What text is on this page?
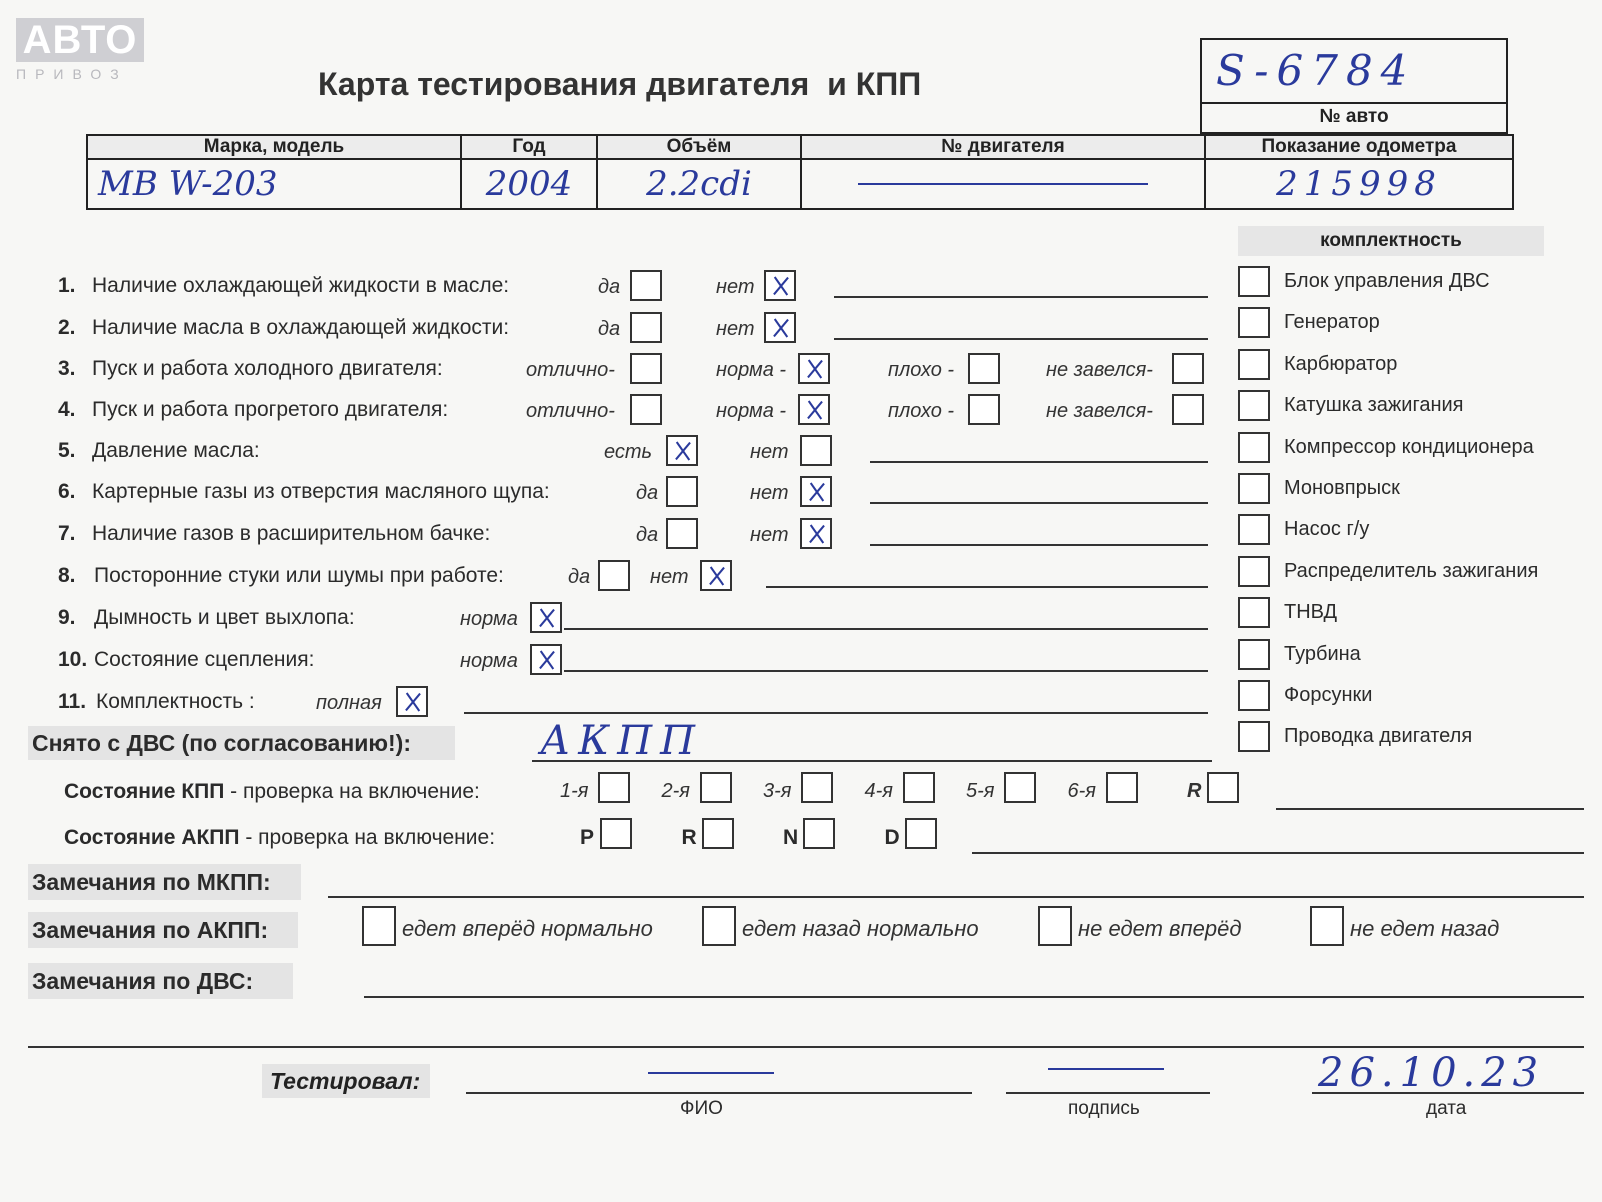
АВТО
ПРИВОЗ	Карта тестирования двигателя  и КПП	S-6784
№ авто
Марка, модель	Год	Объём	№ двигателя	Показание одометра
MB W-203	2004	2.2cdi		215998
комплектность
1. Наличие охлаждающей жидкости в масле:	да	нет
2. Наличие масла в охлаждающей жидкости:	да	нет
3. Пуск и работа холодного двигателя:	отлично-	норма -	плохо -	не завелся-
4. Пуск и работа прогретого двигателя:	отлично-	норма -	плохо -	не завелся-
5. Давление масла:	есть	нет
6. Картерные газы из отверстия масляного щупа:	да	нет
7. Наличие газов в расширительном бачке:	да	нет
8. Посторонние стуки или шумы при работе:	да	нет
9. Дымность и цвет выхлопа:	норма
10. Состояние сцепления:	норма
11. Комплектность :	полная
Блок управления ДВС
Генератор
Карбюратор
Катушка зажигания
Компрессор кондиционера
Моновпрыск
Насос г/у
Распределитель зажигания
ТНВД
Турбина
Форсунки
Проводка двигателя
Снято с ДВС (по согласованию!):	АКПП
Состояние КПП - проверка на включение:	1-я	2-я	3-я	4-я	5-я	6-я	R
Состояние АКПП - проверка на включение:	P	R	N	D
Замечания по МКПП:
Замечания по АКПП:	едет вперёд нормально	едет назад нормально	не едет вперёд	не едет назад
Замечания по ДВС:
Тестировал:
ФИО	подпись
26.10.23
дата
